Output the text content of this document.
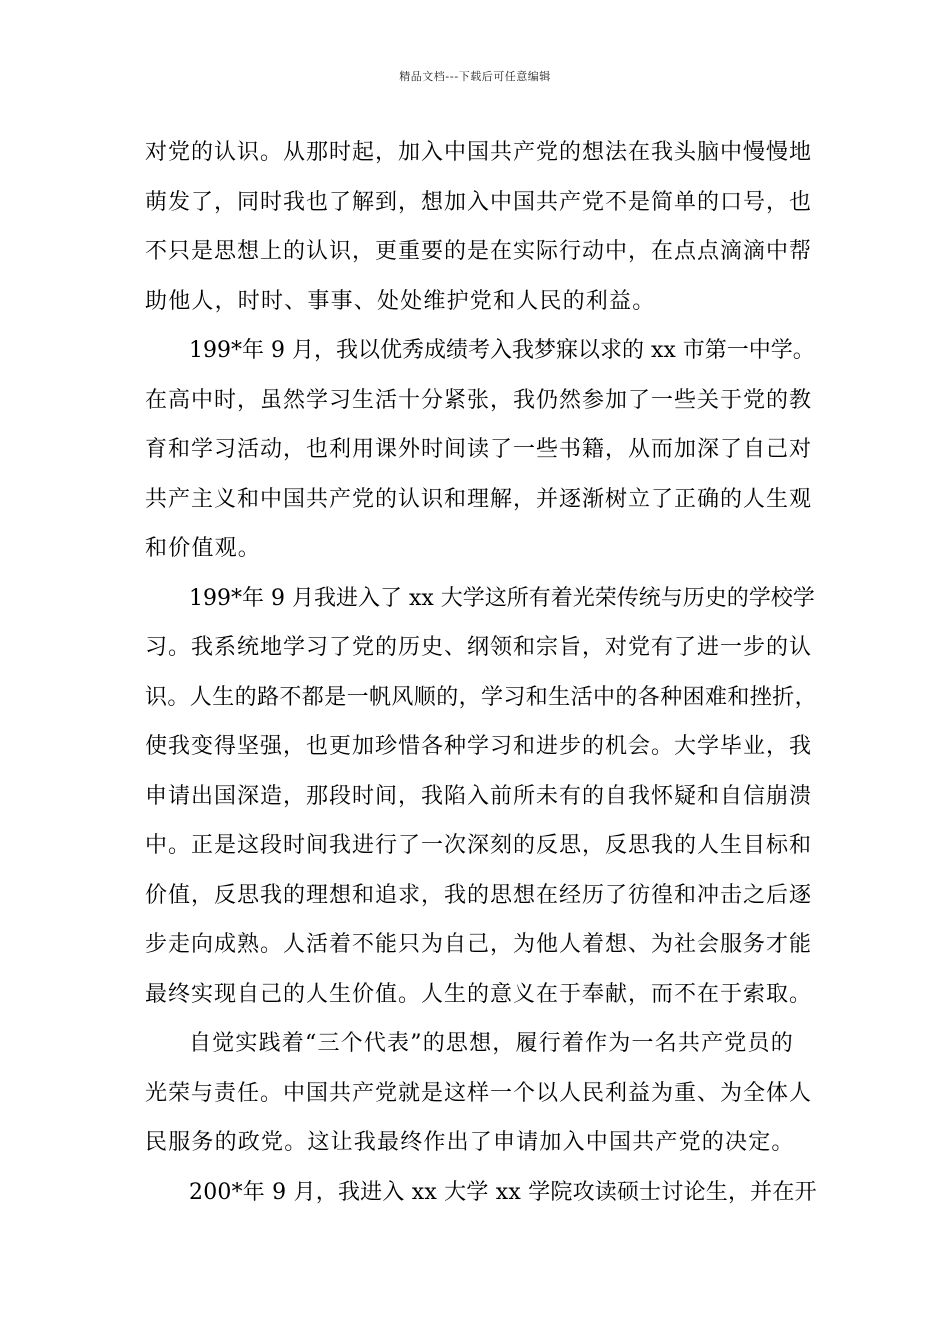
精品文档---下载后可任意编辑
对党的认识。从那时起，加入中国共产党的想法在我头脑中慢慢地
萌发了，同时我也了解到，想加入中国共产党不是简单的口号，也
不只是思想上的认识，更重要的是在实际行动中，在点点滴滴中帮
助他人，时时、事事、处处维护党和人民的利益。
199*年 9 月，我以优秀成绩考入我梦寐以求的 xx 市第一中学。
在高中时，虽然学习生活十分紧张，我仍然参加了一些关于党的教
育和学习活动，也利用课外时间读了一些书籍，从而加深了自己对
共产主义和中国共产党的认识和理解，并逐渐树立了正确的人生观
和价值观。
199*年 9 月我进入了 xx 大学这所有着光荣传统与历史的学校学
习。我系统地学习了党的历史、纲领和宗旨，对党有了进一步的认
识。人生的路不都是一帆风顺的，学习和生活中的各种困难和挫折，
使我变得坚强，也更加珍惜各种学习和进步的机会。大学毕业，我
申请出国深造，那段时间，我陷入前所未有的自我怀疑和自信崩溃
中。正是这段时间我进行了一次深刻的反思，反思我的人生目标和
价值，反思我的理想和追求，我的思想在经历了彷徨和冲击之后逐
步走向成熟。人活着不能只为自己，为他人着想、为社会服务才能
最终实现自己的人生价值。人生的意义在于奉献，而不在于索取。
自觉实践着“三个代表”的思想，履行着作为一名共产党员的
光荣与责任。中国共产党就是这样一个以人民利益为重、为全体人
民服务的政党。这让我最终作出了申请加入中国共产党的决定。
200*年 9 月，我进入 xx 大学 xx 学院攻读硕士讨论生，并在开
